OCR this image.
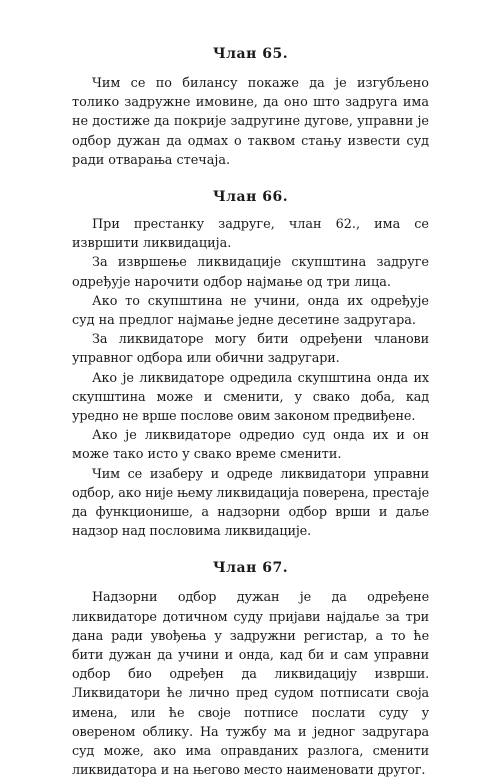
Члан 65.

Чим се по билансу покаже да је изгубљено толико задружне имовине, да оно што задруга има не достиже да покрије задругине дугове, управни је одбор дужан да одмах о таквом стању извести суд ради отварања стечаја.

Члан 66.

При престанку задруге, члан 62., има се извршити ликвидација.

За извршење ликвидације скупштина задруге одређује нарочити одбор најмање од три лица.

Ако то скупштина не учини, онда их одређује суд на предлог најмање једне десетине задругара.

За ликвидаторе могу бити одређени чланови управног одбора или обични задругари.

Ако је ликвидаторе одредила скупштина онда их скупштина може и сменити, у свако доба, кад уредно не врше послове овим законом предвиђене.

Ако је ликвидаторе одредио суд онда их и он може тако исто у свако време сменити.

Чим се изаберу и одреде ликвидатори управни одбор, ако није њему ликвидација поверена, престаје да функционише, а надзорни одбор врши и даље надзор над пословима ликвидације.

Члан 67.

Надзорни одбор дужан је да одређене ликвидаторе дотичном суду пријави најдаље за три дана ради увођења у задружни регистар, а то ће бити дужан да учини и онда, кад би и сам управни одбор био одређен да ликвидацију изврши. Ликвидатори ће лично пред судом потписати своја имена, или ће своје потписе послати суду у овереном облику. На тужбу ма и једног задругара суд може, ако има оправданих разлога, сменити ликвидатора и на његово место наименовати другог.
